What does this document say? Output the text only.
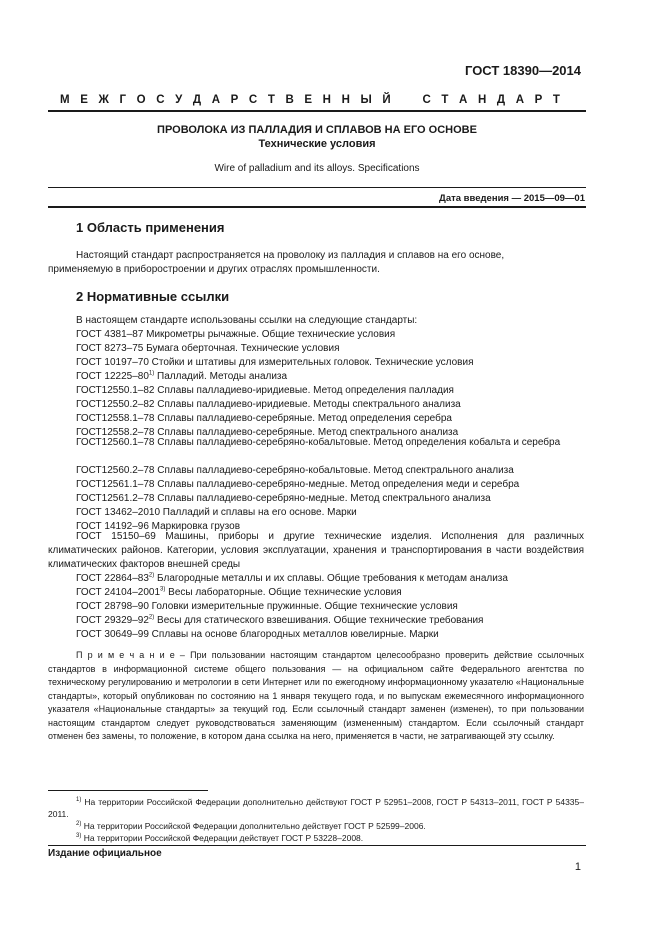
ГОСТ 18390—2014
М Е Ж Г О С У Д А Р С Т В Е Н Н Ы Й	С Т А Н Д А Р Т
ПРОВОЛОКА ИЗ ПАЛЛАДИЯ И СПЛАВОВ НА ЕГО ОСНОВЕ
Технические условия
Wire of palladium and its alloys. Specifications
Дата введения — 2015—09—01
1 Область применения
Настоящий стандарт распространяется на проволоку из палладия и сплавов на его основе,
применяемую в приборостроении и других отраслях промышленности.
2 Нормативные ссылки
В настоящем стандарте использованы ссылки на следующие стандарты:
ГОСТ 4381–87 Микрометры рычажные. Общие технические условия
ГОСТ 8273–75 Бумага оберточная. Технические условия
ГОСТ 10197–70 Стойки и штативы для измерительных головок. Технические условия
ГОСТ 12225–80$^{1)}$ Палладий. Методы анализа
ГОСТ12550.1–82 Сплавы палладиево-иридиевые. Метод определения палладия
ГОСТ12550.2–82 Сплавы палладиево-иридиевые. Методы спектрального анализа
ГОСТ12558.1–78 Сплавы палладиево-серебряные. Метод определения серебра
ГОСТ12558.2–78 Сплавы палладиево-серебряные. Метод спектрального анализа
ГОСТ12560.1–78 Сплавы палладиево-серебряно-кобальтовые. Метод определения кобальта и серебра
ГОСТ12560.2–78 Сплавы палладиево-серебряно-кобальтовые. Метод спектрального анализа
ГОСТ12561.1–78 Сплавы палладиево-серебряно-медные. Метод определения меди и серебра
ГОСТ12561.2–78 Сплавы палладиево-серебряно-медные. Метод спектрального анализа
ГОСТ 13462–2010 Палладий и сплавы на его основе. Марки
ГОСТ 14192–96 Маркировка грузов
ГОСТ 15150–69 Машины, приборы и другие технические изделия. Исполнения для различных климатических районов. Категории, условия эксплуатации, хранения и транспортирования в части воздействия климатических факторов внешней среды
ГОСТ 22864–83$^{2)}$ Благородные металлы и их сплавы. Общие требования к методам анализа
ГОСТ 24104–2001$^{3)}$ Весы лабораторные. Общие технические условия
ГОСТ 28798–90 Головки измерительные пружинные. Общие технические условия
ГОСТ 29329–92$^{2)}$ Весы для статического взвешивания. Общие технические требования
ГОСТ 30649–99 Сплавы на основе благородных металлов ювелирные. Марки
П р и м е ч а н и е – При пользовании настоящим стандартом целесообразно проверить действие ссылочных стандартов в информационной системе общего пользования — на официальном сайте Федерального агентства по техническому регулированию и метрологии в сети Интернет или по ежегодному информационному указателю «Национальные стандарты», который опубликован по состоянию на 1 января текущего года, и по выпускам ежемесячного информационного указателя «Национальные стандарты» за текущий год. Если ссылочный стандарт заменен (изменен), то при пользовании настоящим стандартом следует руководствоваться заменяющим (измененным) стандартом. Если ссылочный стандарт отменен без замены, то положение, в котором дана ссылка на него, применяется в части, не затрагивающей эту ссылку.
$^{1)}$ На территории Российской Федерации дополнительно действуют ГОСТ Р 52951–2008, ГОСТ Р 54313–2011, ГОСТ Р 54335–2011.
$^{2)}$ На территории Российской Федерации дополнительно действует ГОСТ Р 52599–2006.
$^{3)}$ На территории Российской Федерации действует ГОСТ Р 53228–2008.
Издание официальное
1
